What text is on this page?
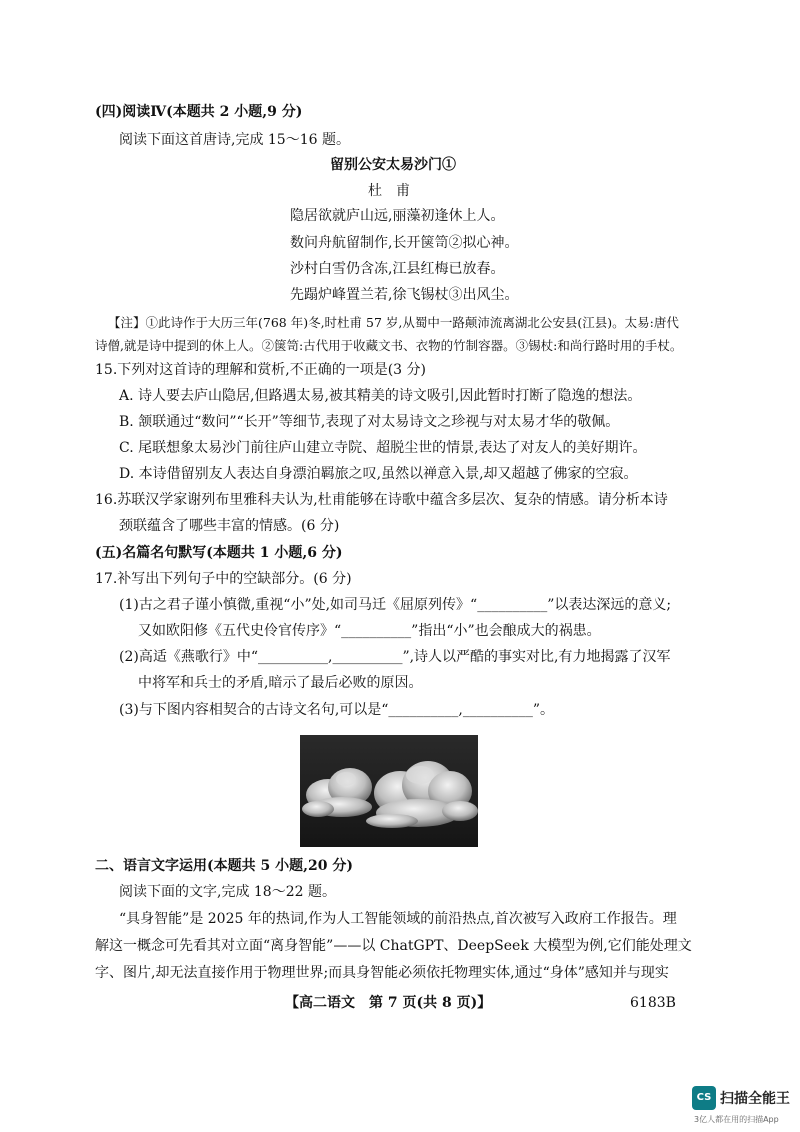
(四)阅读Ⅳ(本题共 2 小题,9 分)
阅读下面这首唐诗,完成 15～16 题。
留别公安太易沙门①
杜　甫
隐居欲就庐山远,丽藻初逢休上人。
数问舟航留制作,长开箧笥②拟心神。
沙村白雪仍含冻,江县红梅已放春。
先蹋炉峰置兰若,徐飞锡杖③出风尘。
【注】①此诗作于大历三年(768 年)冬,时杜甫 57 岁,从蜀中一路颠沛流离湖北公安县(江县)。太易:唐代
诗僧,就是诗中提到的休上人。②箧笥:古代用于收藏文书、衣物的竹制容器。③锡杖:和尚行路时用的手杖。
15.下列对这首诗的理解和赏析,不正确的一项是(3 分)
A. 诗人要去庐山隐居,但路遇太易,被其精美的诗文吸引,因此暂时打断了隐逸的想法。
B. 颔联通过“数问”“长开”等细节,表现了对太易诗文之珍视与对太易才华的敬佩。
C. 尾联想象太易沙门前往庐山建立寺院、超脱尘世的情景,表达了对友人的美好期许。
D. 本诗借留别友人表达自身漂泊羁旅之叹,虽然以禅意入景,却又超越了佛家的空寂。
16.苏联汉学家谢列布里雅科夫认为,杜甫能够在诗歌中蕴含多层次、复杂的情感。请分析本诗
颈联蕴含了哪些丰富的情感。(6 分)
(五)名篇名句默写(本题共 1 小题,6 分)
17.补写出下列句子中的空缺部分。(6 分)
(1)古之君子谨小慎微,重视“小”处,如司马迁《屈原列传》“__________”以表达深远的意义;
又如欧阳修《五代史伶官传序》“__________”指出“小”也会酿成大的祸患。
(2)高适《燕歌行》中“__________,__________”,诗人以严酷的事实对比,有力地揭露了汉军
中将军和兵士的矛盾,暗示了最后必败的原因。
(3)与下图内容相契合的古诗文名句,可以是“__________,__________”。
二、语言文字运用(本题共 5 小题,20 分)
阅读下面的文字,完成 18～22 题。
“具身智能”是 2025 年的热词,作为人工智能领域的前沿热点,首次被写入政府工作报告。理
解这一概念可先看其对立面“离身智能”——以 ChatGPT、DeepSeek 大模型为例,它们能处理文
字、图片,却无法直接作用于物理世界;而具身智能必须依托物理实体,通过“身体”感知并与现实
【高二语文　第 7 页(共 8 页)】	6183B
CS 扫描全能王
3亿人都在用的扫描App
